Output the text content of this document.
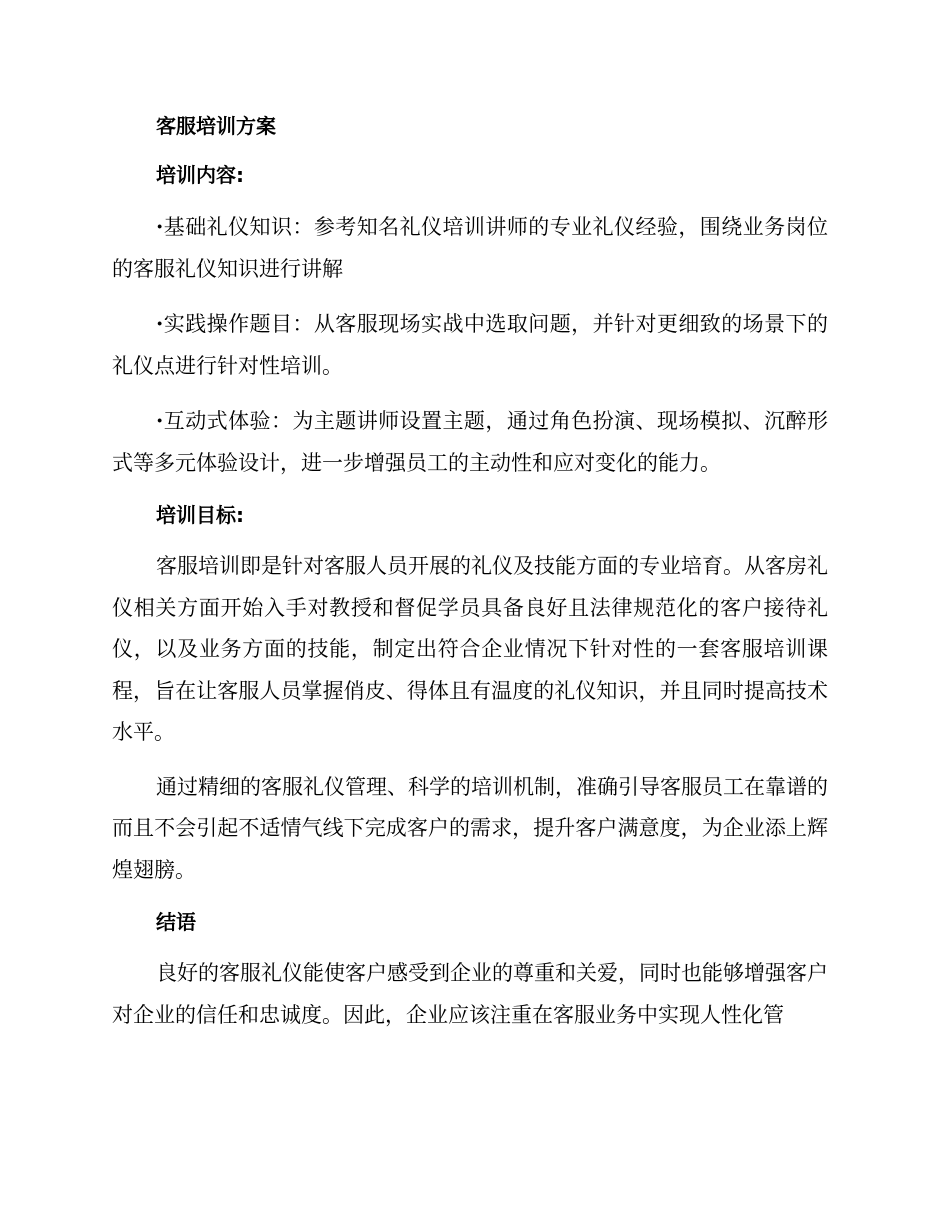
客服培训方案
培训内容:

·基础礼仪知识：参考知名礼仪培训讲师的专业礼仪经验，围绕业务岗位的客服礼仪知识进行讲解

·实践操作题目：从客服现场实战中选取问题，并针对更细致的场景下的礼仪点进行针对性培训。

·互动式体验：为主题讲师设置主题，通过角色扮演、现场模拟、沉醉形式等多元体验设计，进一步增强员工的主动性和应对变化的能力。

培训目标:

客服培训即是针对客服人员开展的礼仪及技能方面的专业培育。从客房礼仪相关方面开始入手对教授和督促学员具备良好且法律规范化的客户接待礼仪，以及业务方面的技能，制定出符合企业情况下针对性的一套客服培训课程，旨在让客服人员掌握俏皮、得体且有温度的礼仪知识，并且同时提高技术水平。

通过精细的客服礼仪管理、科学的培训机制，准确引导客服员工在靠谱的而且不会引起不适情气线下完成客户的需求，提升客户满意度，为企业添上辉煌翅膀。

结语

良好的客服礼仪能使客户感受到企业的尊重和关爱，同时也能够增强客户对企业的信任和忠诚度。因此，企业应该注重在客服业务中实现人性化管
